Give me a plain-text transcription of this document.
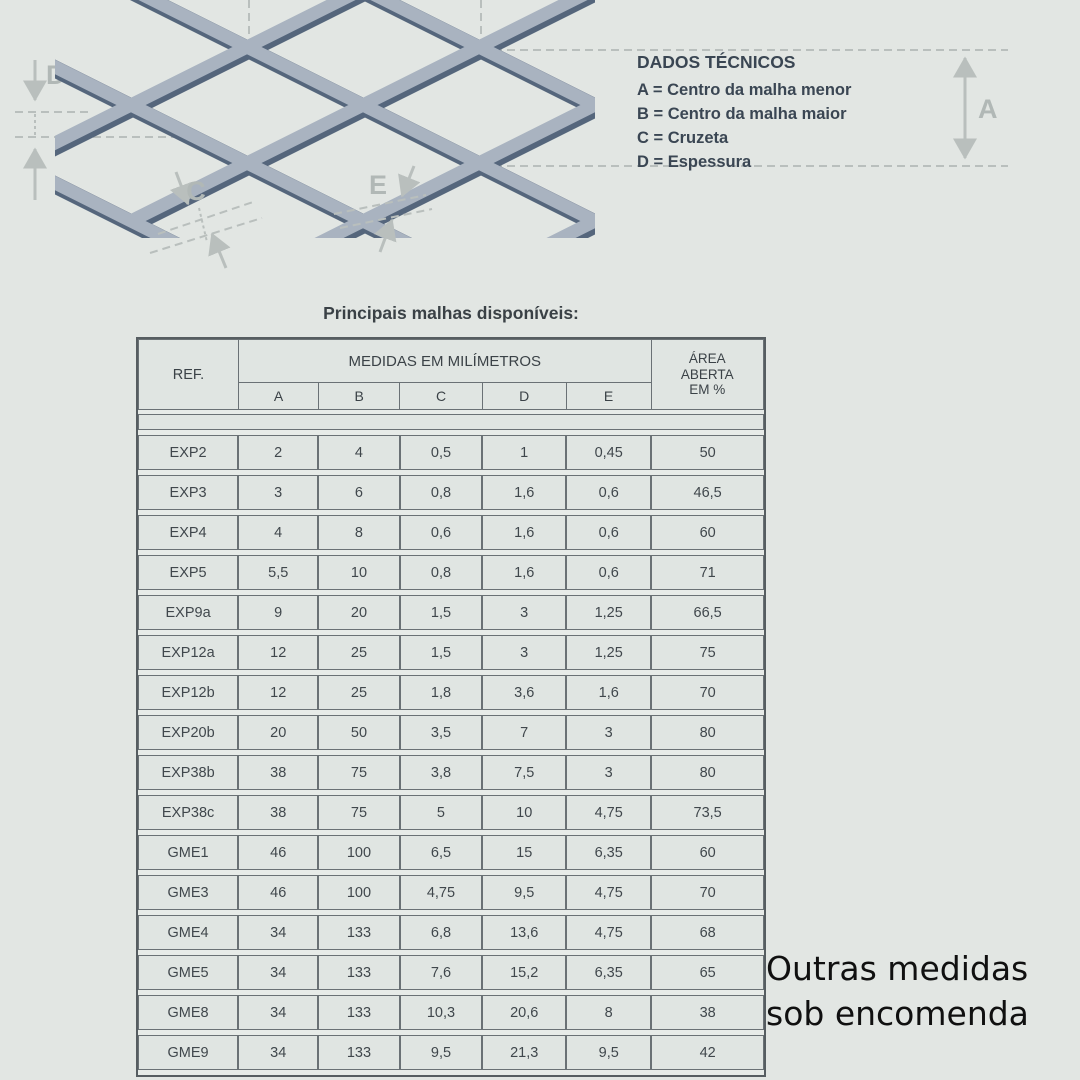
D
A
C	E
DADOS TÉCNICOS
A = Centro da malha menor
B = Centro da malha maior
C = Cruzeta
D = Espessura
Principais malhas disponíveis:
REF.	MEDIDAS EM MILÍMETROS					ÁREA
ABERTA
EM %

	A	B	C	D	E	

EXP2	2	4	0,5	1	0,45	50
EXP3	3	6	0,8	1,6	0,6	46,5
EXP4	4	8	0,6	1,6	0,6	60
EXP5	5,5	10	0,8	1,6	0,6	71
EXP9a	9	20	1,5	3	1,25	66,5
EXP12a	12	25	1,5	3	1,25	75
EXP12b	12	25	1,8	3,6	1,6	70
EXP20b	20	50	3,5	7	3	80
EXP38b	38	75	3,8	7,5	3	80
EXP38c	38	75	5	10	4,75	73,5
GME1	46	100	6,5	15	6,35	60
GME3	46	100	4,75	9,5	4,75	70
GME4	34	133	6,8	13,6	4,75	68
GME5	34	133	7,6	15,2	6,35	65
GME8	34	133	10,3	20,6	8	38
GME9	34	133	9,5	21,3	9,5	42
Outras medidas
sob encomenda
